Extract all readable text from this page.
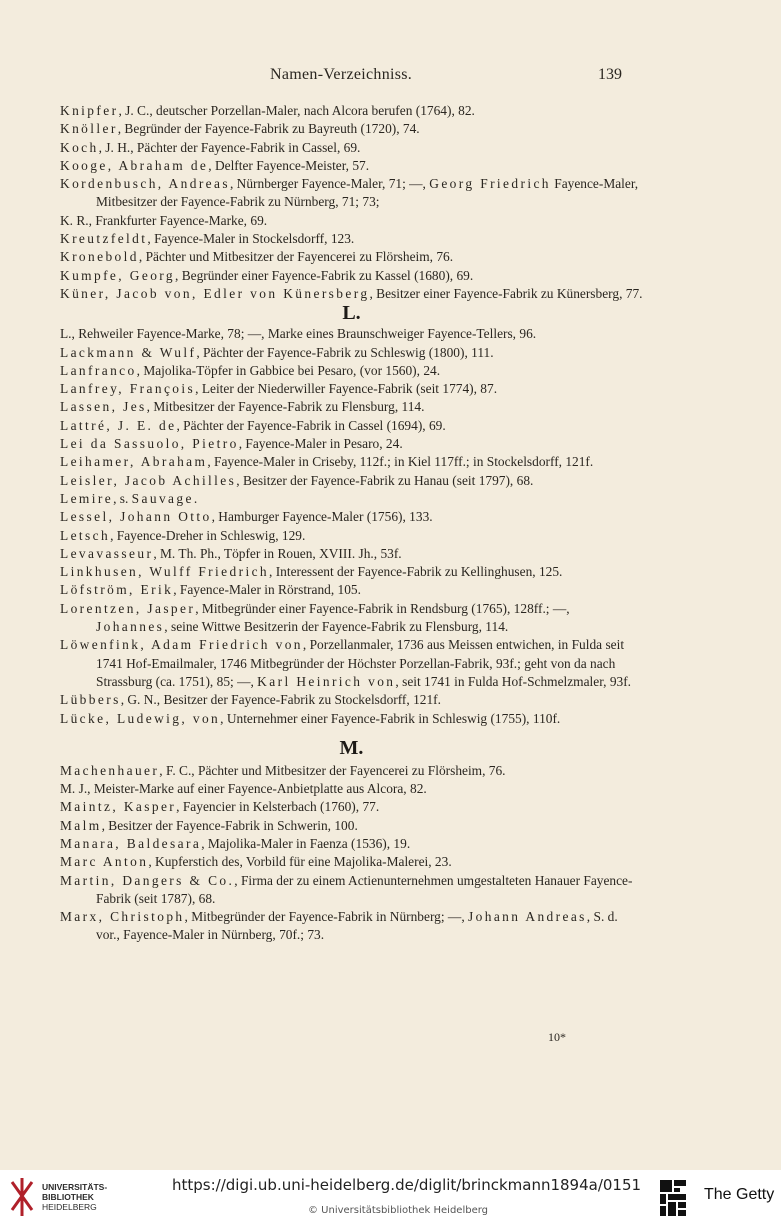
Namen-Verzeichniss.	139
Knipfer, J. C., deutscher Porzellan-Maler, nach Alcora berufen (1764), 82.
Knöller, Begründer der Fayence-Fabrik zu Bayreuth (1720), 74.
Koch, J. H., Pächter der Fayence-Fabrik in Cassel, 69.
Kooge, Abraham de, Delfter Fayence-Meister, 57.
Kordenbusch, Andreas, Nürnberger Fayence-Maler, 71; —, Georg Friedrich Fayence-Maler, Mitbesitzer der Fayence-Fabrik zu Nürnberg, 71; 73;
K. R., Frankfurter Fayence-Marke, 69.
Kreutzfeldt, Fayence-Maler in Stockelsdorff, 123.
Kronebold, Pächter und Mitbesitzer der Fayencerei zu Flörsheim, 76.
Kumpfe, Georg, Begründer einer Fayence-Fabrik zu Kassel (1680), 69.
Küner, Jacob von, Edler von Künersberg, Besitzer einer Fayence-Fabrik zu Künersberg, 77.
L.
L., Rehweiler Fayence-Marke, 78; —, Marke eines Braunschweiger Fayence-Tellers, 96.
Lackmann & Wulf, Pächter der Fayence-Fabrik zu Schleswig (1800), 111.
Lanfranco, Majolika-Töpfer in Gabbice bei Pesaro, (vor 1560), 24.
Lanfrey, François, Leiter der Niederwiller Fayence-Fabrik (seit 1774), 87.
Lassen, Jes, Mitbesitzer der Fayence-Fabrik zu Flensburg, 114.
Lattré, J. E. de, Pächter der Fayence-Fabrik in Cassel (1694), 69.
Lei da Sassuolo, Pietro, Fayence-Maler in Pesaro, 24.
Leihamer, Abraham, Fayence-Maler in Criseby, 112f.; in Kiel 117ff.; in Stockelsdorff, 121f.
Leisler, Jacob Achilles, Besitzer der Fayence-Fabrik zu Hanau (seit 1797), 68.
Lemire, s. Sauvage.
Lessel, Johann Otto, Hamburger Fayence-Maler (1756), 133.
Letsch, Fayence-Dreher in Schleswig, 129.
Levavasseur, M. Th. Ph., Töpfer in Rouen, XVIII. Jh., 53f.
Linkhusen, Wulff Friedrich, Interessent der Fayence-Fabrik zu Kellinghusen, 125.
Löfström, Erik, Fayence-Maler in Rörstrand, 105.
Lorentzen, Jasper, Mitbegründer einer Fayence-Fabrik in Rendsburg (1765), 128ff.; —, Johannes, seine Wittwe Besitzerin der Fayence-Fabrik zu Flensburg, 114.
Löwenfink, Adam Friedrich von, Porzellanmaler, 1736 aus Meissen entwichen, in Fulda seit 1741 Hof-Emailmaler, 1746 Mitbegründer der Höchster Porzellan-Fabrik, 93f.; geht von da nach Strassburg (ca. 1751), 85; —, Karl Heinrich von, seit 1741 in Fulda Hof-Schmelzmaler, 93f.
Lübbers, G. N., Besitzer der Fayence-Fabrik zu Stockelsdorff, 121f.
Lücke, Ludewig, von, Unternehmer einer Fayence-Fabrik in Schleswig (1755), 110f.
M.
Machenhauer, F. C., Pächter und Mitbesitzer der Fayencerei zu Flörsheim, 76.
M. J., Meister-Marke auf einer Fayence-Anbietplatte aus Alcora, 82.
Maintz, Kasper, Fayencier in Kelsterbach (1760), 77.
Malm, Besitzer der Fayence-Fabrik in Schwerin, 100.
Manara, Baldesara, Majolika-Maler in Faenza (1536), 19.
Marc Anton, Kupferstich des, Vorbild für eine Majolika-Malerei, 23.
Martin, Dangers & Co., Firma der zu einem Actienunternehmen umgestalteten Hanauer Fayence-Fabrik (seit 1787), 68.
Marx, Christoph, Mitbegründer der Fayence-Fabrik in Nürnberg; —, Johann Andreas, S. d. vor., Fayence-Maler in Nürnberg, 70f.; 73.
10*
UNIVERSITÄTS-
BIBLIOTHEK
HEIDELBERG
https://digi.ub.uni-heidelberg.de/diglit/brinckmann1894a/0151
© Universitätsbibliothek Heidelberg
The Getty
